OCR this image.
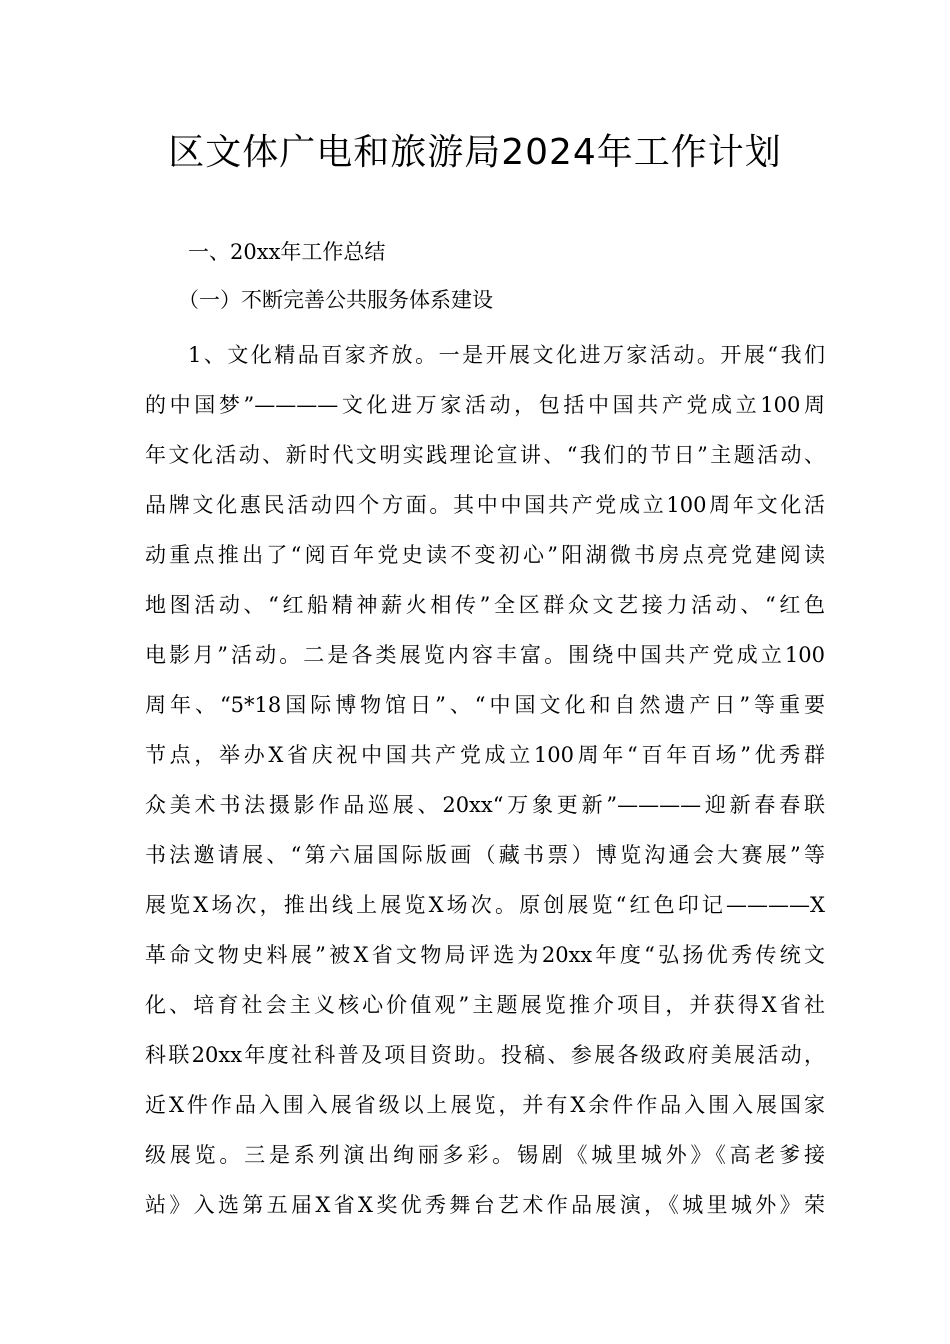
区文体广电和旅游局2024年工作计划

一、20xx年工作总结

（一）不断完善公共服务体系建设

1、文化精品百家齐放。一是开展文化进万家活动。开展“我们
的中国梦”————文化进万家活动，包括中国共产党成立100周
年文化活动、新时代文明实践理论宣讲、“我们的节日”主题活动、
品牌文化惠民活动四个方面。其中中国共产党成立100周年文化活
动重点推出了“阅百年党史读不变初心”阳湖微书房点亮党建阅读
地图活动、“红船精神薪火相传”全区群众文艺接力活动、“红色
电影月”活动。二是各类展览内容丰富。围绕中国共产党成立100
周年、“5*18国际博物馆日”、“中国文化和自然遗产日”等重要
节点，举办X省庆祝中国共产党成立100周年“百年百场”优秀群
众美术书法摄影作品巡展、20xx“万象更新”————迎新春春联
书法邀请展、“第六届国际版画（藏书票）博览沟通会大赛展”等
展览X场次，推出线上展览X场次。原创展览“红色印记————X
革命文物史料展”被X省文物局评选为20xx年度“弘扬优秀传统文
化、培育社会主义核心价值观”主题展览推介项目，并获得X省社
科联20xx年度社科普及项目资助。投稿、参展各级政府美展活动，
近X件作品入围入展省级以上展览，并有X余件作品入围入展国家
级展览。三是系列演出绚丽多彩。锡剧《城里城外》《高老爹接
站》入选第五届X省X奖优秀舞台艺术作品展演，《城里城外》荣
